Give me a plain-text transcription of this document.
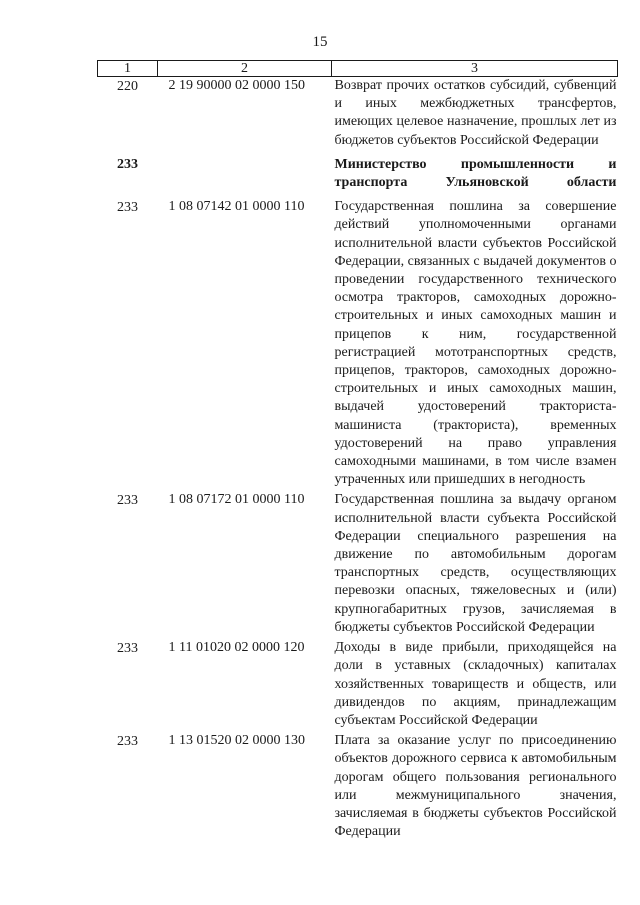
15
1	2	3
220	2 19 90000 02 0000 150	Возврат прочих остатков субсидий, субвенций и иных межбюджетных трансфертов, имеющих целевое назначение, прошлых лет из бюджетов субъектов Российской Федерации
233		Министерство промышленности и транспорта Ульяновской области
233	1 08 07142 01 0000 110	Государственная пошлина за совершение действий уполномоченными органами исполнительной власти субъектов Российской Федерации, связанных с выдачей документов о проведении государственного технического осмотра тракторов, самоходных дорожно-строительных и иных самоходных машин и прицепов к ним, государственной регистрацией мототранспортных средств, прицепов, тракторов, самоходных дорожно-строительных и иных самоходных машин, выдачей удостоверений тракториста-машиниста (тракториста), временных удостоверений на право управления самоходными машинами, в том числе взамен утраченных или пришедших в негодность
233	1 08 07172 01 0000 110	Государственная пошлина за выдачу органом исполнительной власти субъекта Российской Федерации специального разрешения на движение по автомобильным дорогам транспортных средств, осуществляющих перевозки опасных, тяжеловесных и (или) крупногабаритных грузов, зачисляемая в бюджеты субъектов Российской Федерации
233	1 11 01020 02 0000 120	Доходы в виде прибыли, приходящейся на доли в уставных (складочных) капиталах хозяйственных товариществ и обществ, или дивидендов по акциям, принадлежащим субъектам Российской Федерации
233	1 13 01520 02 0000 130	Плата за оказание услуг по присоединению объектов дорожного сервиса к автомобильным дорогам общего пользования регионального или межмуниципального значения, зачисляемая в бюджеты субъектов Российской Федерации
